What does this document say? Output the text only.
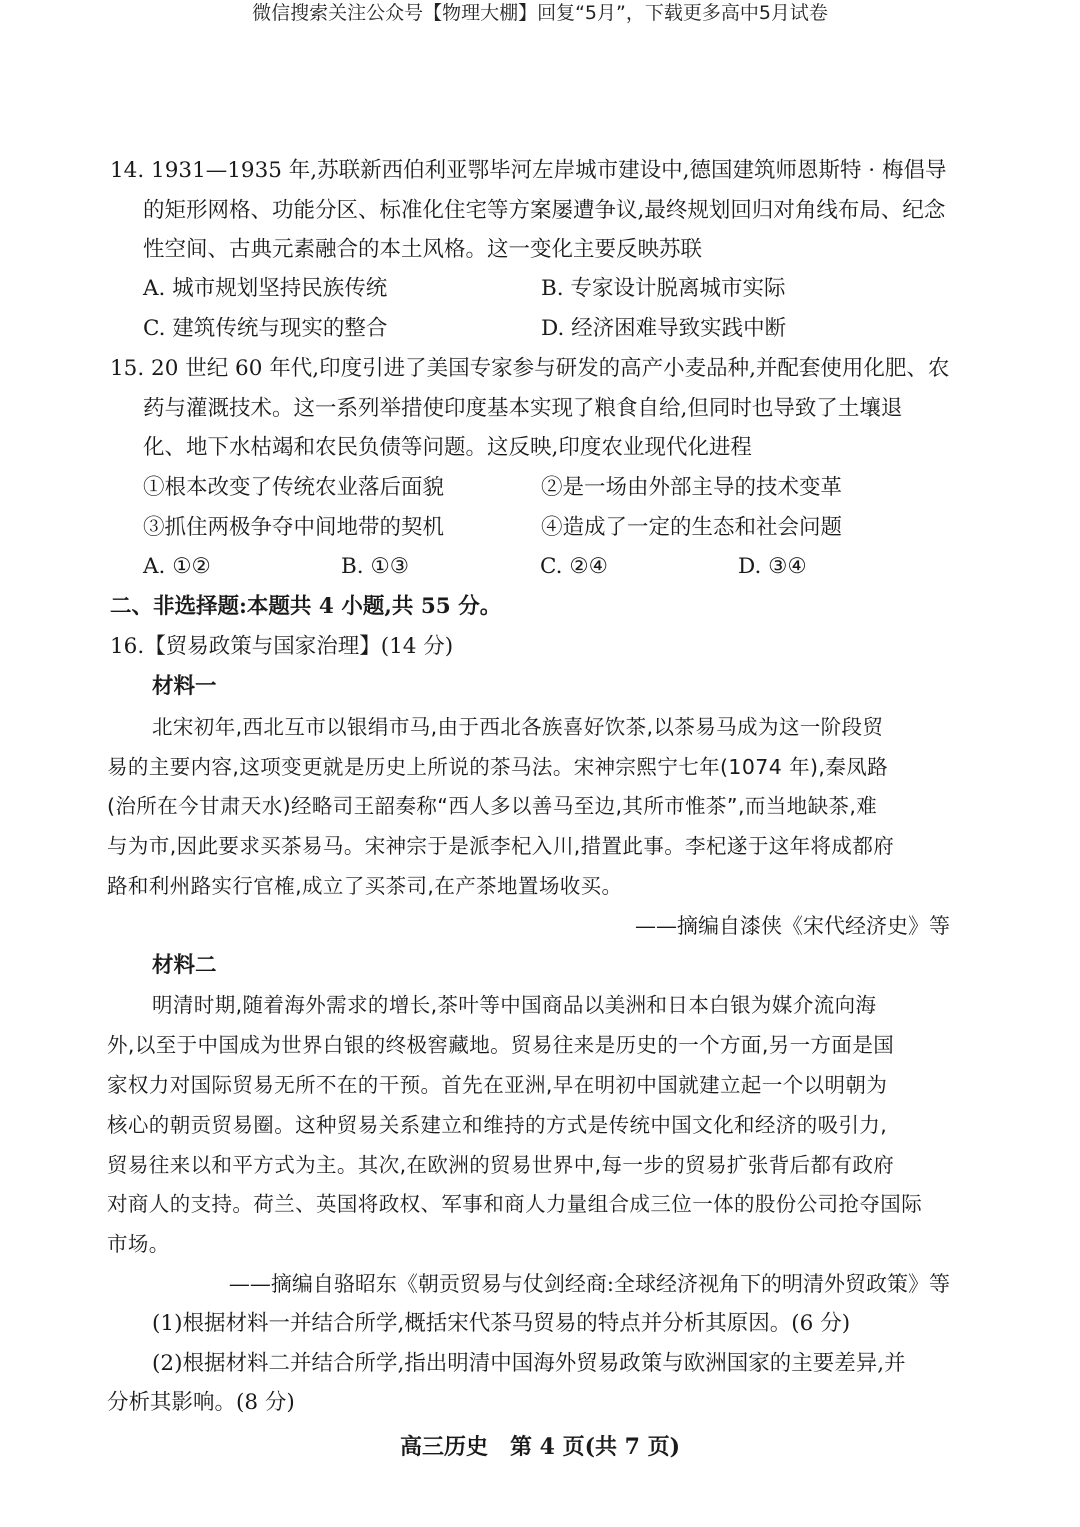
微信搜索关注公众号【物理大棚】回复“5月”，下载更多高中5月试卷
14. 1931—1935 年,苏联新西伯利亚鄂毕河左岸城市建设中,德国建筑师恩斯特 · 梅倡导
的矩形网格、功能分区、标准化住宅等方案屡遭争议,最终规划回归对角线布局、纪念
性空间、古典元素融合的本土风格。这一变化主要反映苏联
A. 城市规划坚持民族传统	B. 专家设计脱离城市实际
C. 建筑传统与现实的整合	D. 经济困难导致实践中断
15. 20 世纪 60 年代,印度引进了美国专家参与研发的高产小麦品种,并配套使用化肥、农
药与灌溉技术。这一系列举措使印度基本实现了粮食自给,但同时也导致了土壤退
化、地下水枯竭和农民负债等问题。这反映,印度农业现代化进程
①根本改变了传统农业落后面貌	②是一场由外部主导的技术变革
③抓住两极争夺中间地带的契机	④造成了一定的生态和社会问题
A. ①②	B. ①③	C. ②④	D. ③④
二、非选择题:本题共 4 小题,共 55 分。
16.【贸易政策与国家治理】(14 分)
材料一
北宋初年,西北互市以银绢市马,由于西北各族喜好饮茶,以茶易马成为这一阶段贸
易的主要内容,这项变更就是历史上所说的茶马法。宋神宗熙宁七年(1074 年),秦凤路
(治所在今甘肃天水)经略司王韶奏称“西人多以善马至边,其所市惟茶”,而当地缺茶,难
与为市,因此要求买茶易马。宋神宗于是派李杞入川,措置此事。李杞遂于这年将成都府
路和利州路实行官榷,成立了买茶司,在产茶地置场收买。
——摘编自漆侠《宋代经济史》等
材料二
明清时期,随着海外需求的增长,茶叶等中国商品以美洲和日本白银为媒介流向海
外,以至于中国成为世界白银的终极窖藏地。贸易往来是历史的一个方面,另一方面是国
家权力对国际贸易无所不在的干预。首先在亚洲,早在明初中国就建立起一个以明朝为
核心的朝贡贸易圈。这种贸易关系建立和维持的方式是传统中国文化和经济的吸引力,
贸易往来以和平方式为主。其次,在欧洲的贸易世界中,每一步的贸易扩张背后都有政府
对商人的支持。荷兰、英国将政权、军事和商人力量组合成三位一体的股份公司抢夺国际
市场。
——摘编自骆昭东《朝贡贸易与仗剑经商:全球经济视角下的明清外贸政策》等
(1)根据材料一并结合所学,概括宋代茶马贸易的特点并分析其原因。(6 分)
(2)根据材料二并结合所学,指出明清中国海外贸易政策与欧洲国家的主要差异,并
分析其影响。(8 分)
高三历史　第 4 页(共 7 页)
